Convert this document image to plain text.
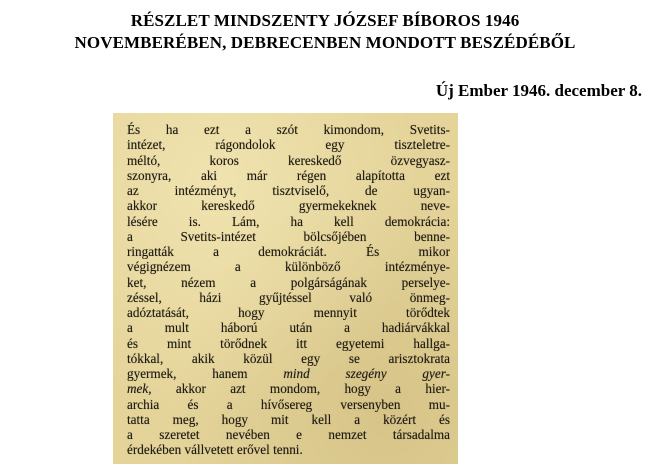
RÉSZLET MINDSZENTY JÓZSEF BÍBOROS 1946
NOVEMBERÉBEN, DEBRECENBEN MONDOTT BESZÉDÉBŐL
Új Ember 1946. december 8.
És ha ezt a szót kimondom, Svetits-
intézet, rágondolok egy tiszteletre-
méltó, koros kereskedő özvegyasz-
szonyra, aki már régen alapította ezt
az intézményt, tisztviselő, de ugyan-
akkor kereskedő gyermekeknek neve-
lésére is. Lám, ha kell demokrácia:
a Svetits-intézet bölcsőjében benne-
ringatták a demokráciát. És mikor
végignézem a különböző intézménye-
ket, nézem a polgárságának perselye-
zéssel, házi gyűjtéssel való önmeg-
adóztatását, hogy mennyit törődtek
a mult háború után a hadiárvákkal
és mint törődnek itt egyetemi hallga-
tókkal, akik közül egy se arisztokrata
gyermek, hanem mind szegény gyer-
mek, akkor azt mondom, hogy a hier-
archia és a hívősereg versenyben mu-
tatta meg, hogy mit kell a közért és
a szeretet nevében e nemzet társadalma
érdekében vállvetett erővel tenni.
